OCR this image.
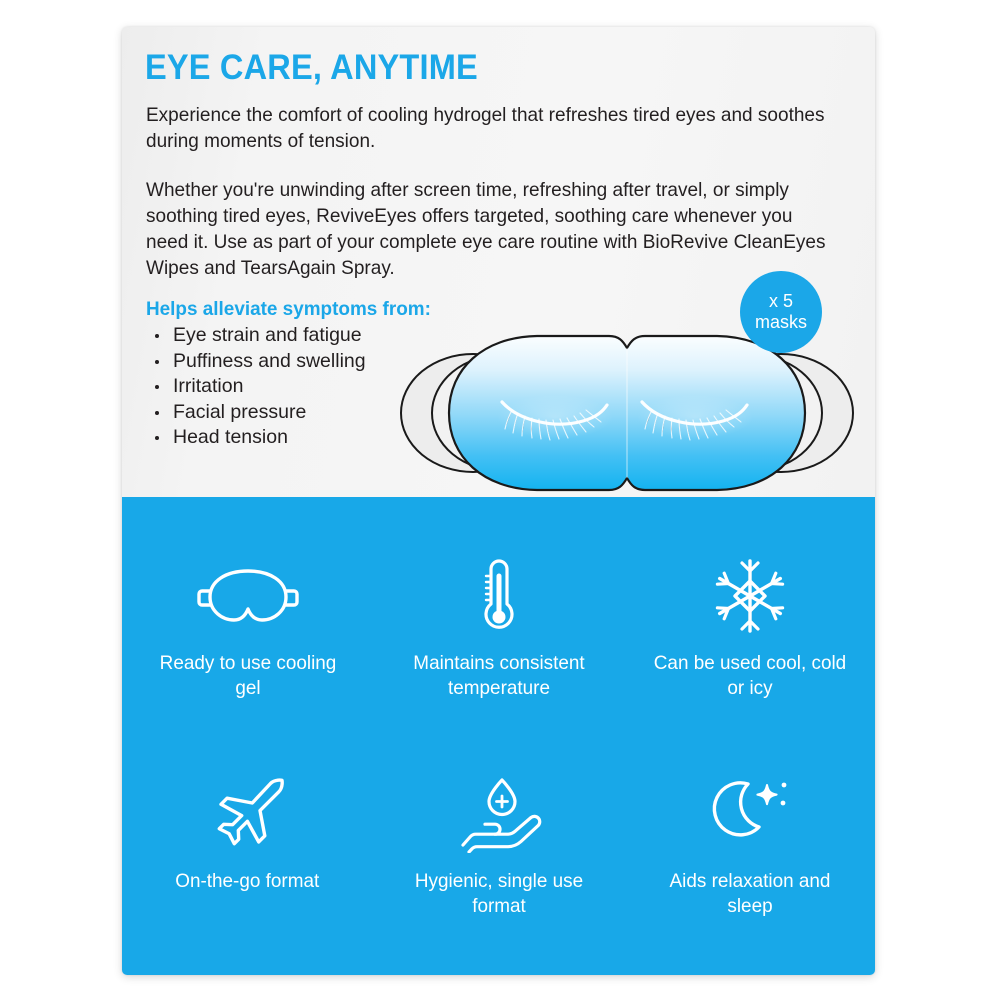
EYE CARE, ANYTIME
Experience the comfort of cooling hydrogel that refreshes tired eyes and soothes during moments of tension.
Whether you're unwinding after screen time, refreshing after travel, or simply soothing tired eyes, ReviveEyes offers targeted, soothing care whenever you need it. Use as part of your complete eye care routine with BioRevive CleanEyes Wipes and TearsAgain Spray.
Helps alleviate symptoms from:
Eye strain and fatigue
Puffiness and swelling
Irritation
Facial pressure
Head tension
x 5
masks
Ready to use cooling gel
Maintains consistent temperature
Can be used cool, cold or icy
On-the-go format	Hygienic, single use format
Aids relaxation and sleep
